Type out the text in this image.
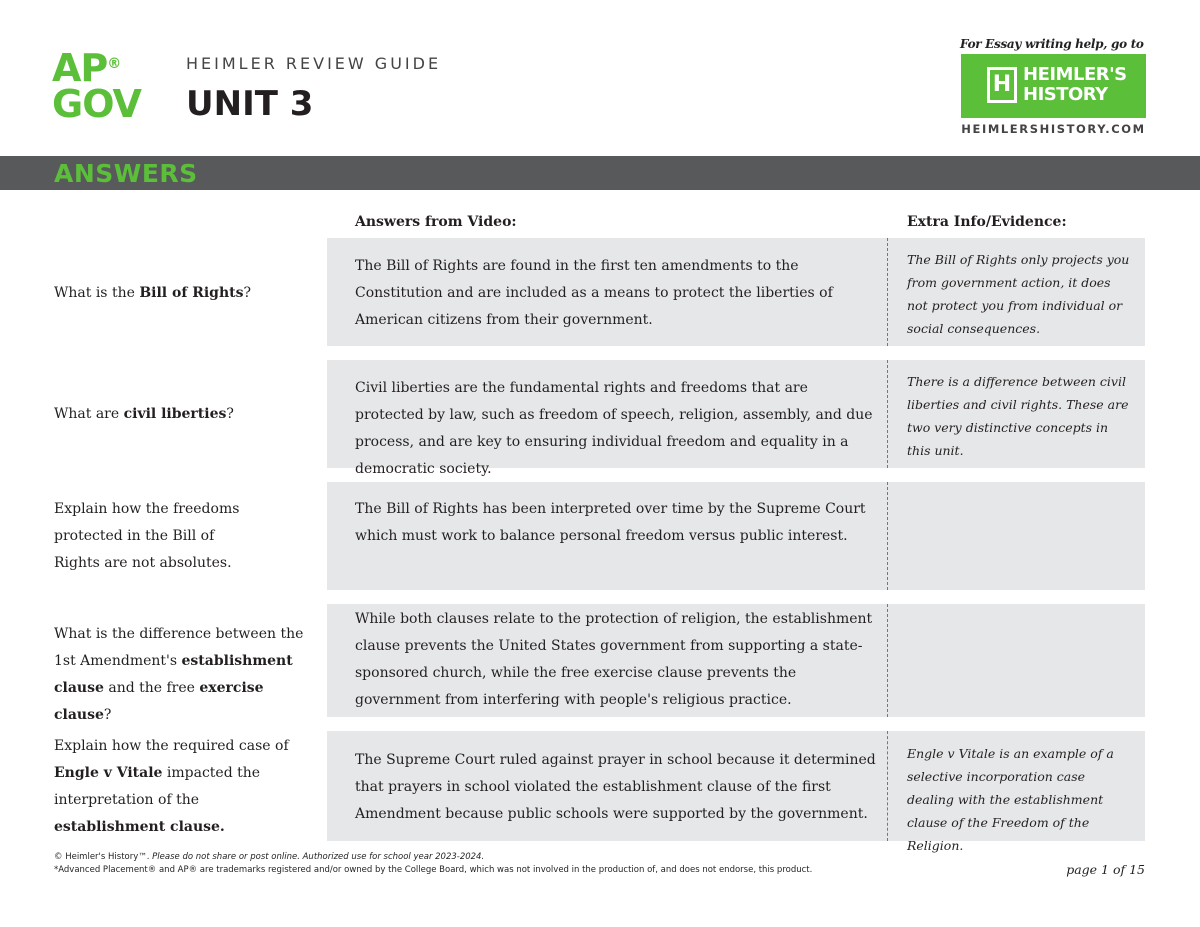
AP®
GOV
HEIMLER REVIEW GUIDE
UNIT 3
For Essay writing help, go to
H HEIMLER'S
HISTORY
HEIMLERSHISTORY.COM
ANSWERS
Answers from Video:	Extra Info/Evidence:
What is the Bill of Rights?
The Bill of Rights are found in the first ten amendments to the Constitution and are included as a means to protect the liberties of American citizens from their government.
The Bill of Rights only projects you from government action, it does not protect you from individual or social consequences.
What are civil liberties?
Civil liberties are the fundamental rights and freedoms that are protected by law, such as freedom of speech, religion, assembly, and due process, and are key to ensuring individual freedom and equality in a democratic society.
There is a difference between civil liberties and civil rights. These are two very distinctive concepts in this unit.
Explain how the freedoms protected in the Bill of Rights are not absolutes.
The Bill of Rights has been interpreted over time by the Supreme Court which must work to balance personal freedom versus public interest.
What is the difference between the 1st Amendment's establishment clause and the free exercise clause?
While both clauses relate to the protection of religion, the establishment clause prevents the United States government from supporting a state-sponsored church, while the free exercise clause prevents the government from interfering with people's religious practice.
Explain how the required case of Engle v Vitale impacted the interpretation of the establishment clause.
The Supreme Court ruled against prayer in school because it determined that prayers in school violated the establishment clause of the first Amendment because public schools were supported by the government.
Engle v Vitale is an example of a selective incorporation case dealing with the establishment clause of the Freedom of the Religion.
© Heimler's History™. Please do not share or post online. Authorized use for school year 2023-2024.
*Advanced Placement® and AP® are trademarks registered and/or owned by the College Board, which was not involved in the production of, and does not endorse, this product.	page 1 of 15
